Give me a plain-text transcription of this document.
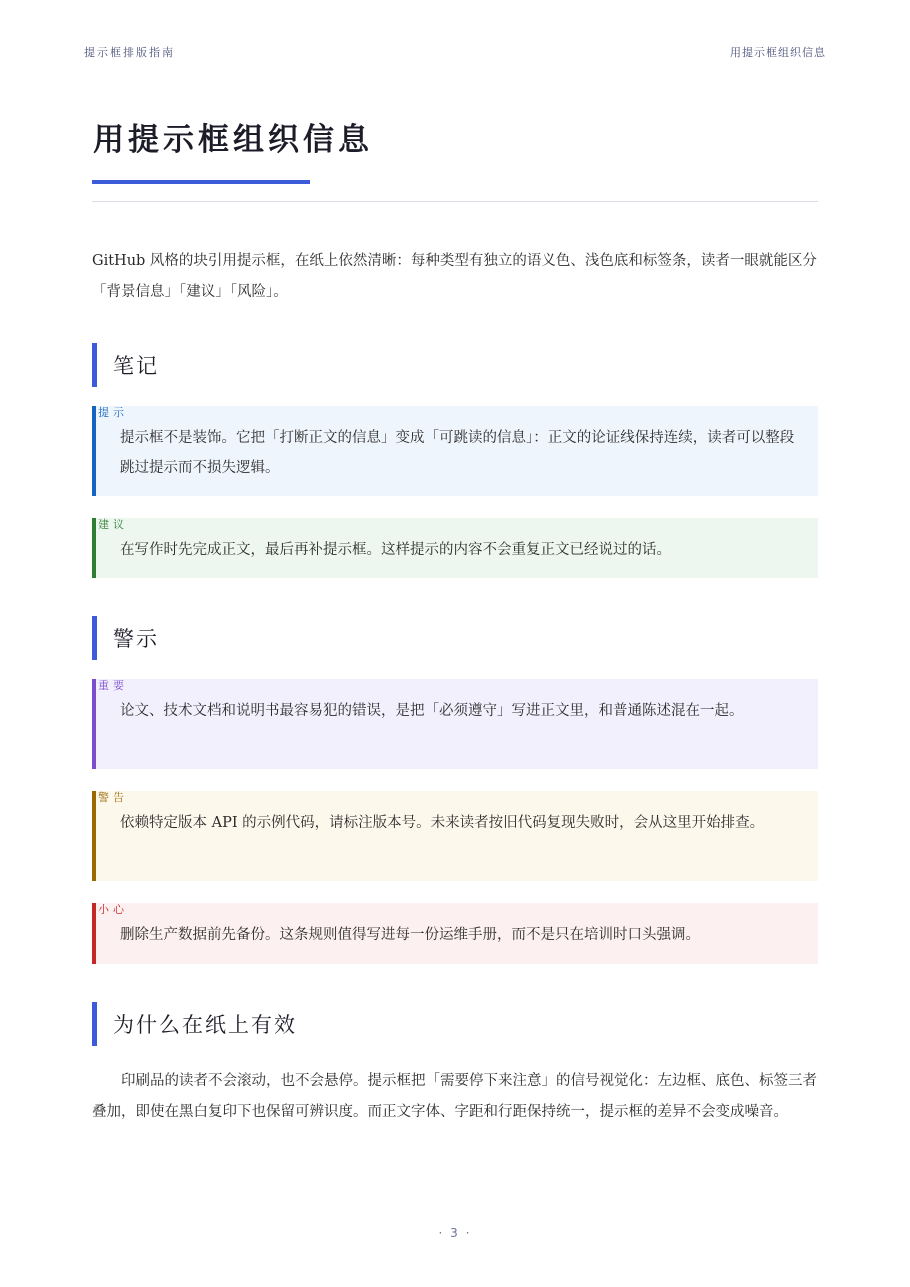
提示框排版指南	用提示框组织信息
用提示框组织信息

GitHub 风格的块引用提示框，在纸上依然清晰：每种类型有独立的语义色、浅色底和标签条，读者一眼就能区分「背景信息」「建议」「风险」。

笔记
提示

提示框不是装饰。它把「打断正文的信息」变成「可跳读的信息」：正文的论证线保持连续，读者可以整段跳过提示而不损失逻辑。

建议

在写作时先完成正文，最后再补提示框。这样提示的内容不会重复正文已经说过的话。

警示
重要

论文、技术文档和说明书最容易犯的错误，是把「必须遵守」写进正文里，和普通陈述混在一起。

警告

依赖特定版本 API 的示例代码，请标注版本号。未来读者按旧代码复现失败时，会从这里开始排查。

小心

删除生产数据前先备份。这条规则值得写进每一份运维手册，而不是只在培训时口头强调。

为什么在纸上有效

印刷品的读者不会滚动，也不会悬停。提示框把「需要停下来注意」的信号视觉化：左边框、底色、标签三者叠加，即使在黑白复印下也保留可辨识度。而正文字体、字距和行距保持统一，提示框的差异不会变成噪音。

· 3 ·
